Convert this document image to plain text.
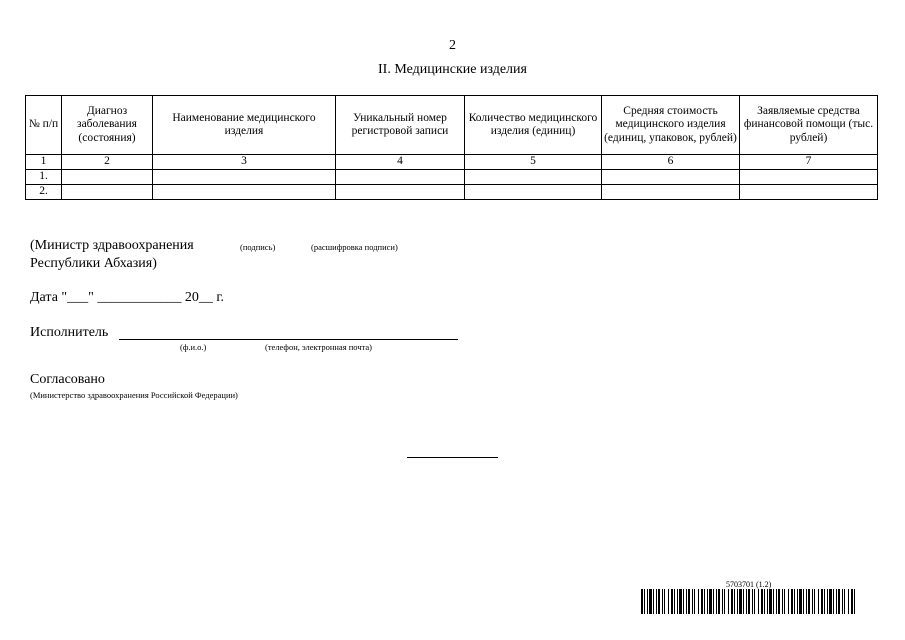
2
II. Медицинские изделия
№ п/п	Диагноз заболевания (состояния)	Наименование медицинского изделия	Уникальный номер регистровой записи	Количество медицинского изделия (единиц)	Средняя стоимость медицинского изделия (единиц, упаковок, рублей)	Заявляемые средства финансовой помощи (тыс. рублей)
1	2	3	4	5	6	7
1.						
2.						
(Министр здравоохранения
Республики Абхазия)
(подпись)	(расшифровка подписи)
Дата "___" ____________ 20__ г.
Исполнитель
(ф.и.о.)	(телефон, электронная почта)
Согласовано
(Министерство здравоохранения Российской Федерации)
5703701 (1.2)
